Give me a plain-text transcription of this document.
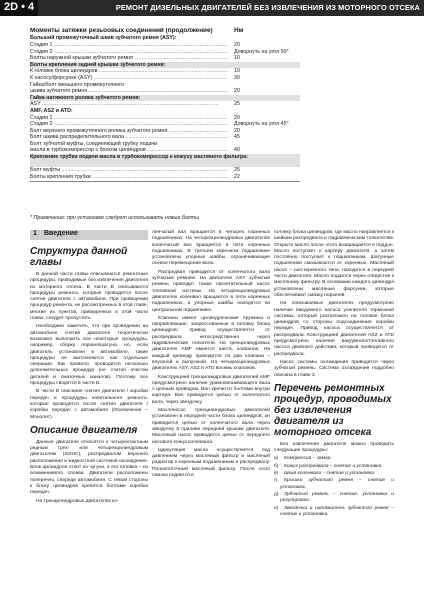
2D • 4	РЕМОНТ ДИЗЕЛЬНЫХ ДВИГАТЕЛЕЙ БЕЗ ИЗВЛЕЧЕНИЯ ИЗ МОТОРНОГО ОТСЕКА
Моменты затяжки резьбовых соединений (продолжение)	Нм
Больший промежуточный шкив зубчатого ремня (ASY):
Стадия 1 .....	20
Стадия 2 .....	Доворнуть на угол 90°
Болты наружной крышки зубчатого ремня .....	10
Болты крепления задней крышки зубчатого ремня:
К головке блока цилиндров .....	10
К насосу/форсунке (ASY) .....	30
Гайка/болт меньшего промежуточного
шкива зубчатого ремня .....	20
Гайка натяжного ролика зубчатого ремня:
ASY .....	25
AMF, ASZ и ATD:
Стадия 1 .....	20
Стадия 2 .....	Доворнуть на угол 45°
Болт верхнего промежуточного ролика зубчатого ремня .....	20
Болт шкива распределительного вала .....	45
Болт зубчатой муфты, соединяющей трубку подачи
масла в турбокомпрессор с блоком цилиндров .....	40
Крепление трубки подачи масла в турбокомпрессор к кожуху масляного фильтра:
Болт муфты .....	25
Болты крепления трубки .....	22
* Примечание: при установке следует использовать новые болты
1 Введение
Структура данной главы

В данной части главы описываются ремонтные процедуры, проводимые без извлечения двигателя из моторного отсека. В части В описываются процедуры ремонта, которые проводятся после снятия двигателя с автомобиля. При проведении процедур ремонта, не рассмотренных в этой главе, многие из пунктов, приведенных в этой части главы, следует пропустить.

Необходимо заметить, что при проведении на автомобиле снятия двигателя теоретически возможно выполнить все некоторые процедуры, например, сборку поршня/шатуна, но, если двигатель установлен в автомобиле, такие процедуры не выполняются как отдельные операции. Как правило, проводится несколько дополнительных процедур (не считая очистки деталей и смазочных каналов). Поэтому все процедуры сводятся в части В.

В части Е описания снятия двигателя / коробки передач и процедуры капитального ремонта, которые проводятся после снятия двигателя / коробки передач с автомобиля (Исключение – Монолит).

Описание двигателя

Данные двигатели относятся к четырехтактным рядным трех- или четырехцилиндровым двигателям (SOHC), распредвалом верхнего расположения и жидкостной системой охлаждения. Блок цилиндров отлит из чугуна, а его головка – из алюминиевого сплава. Двигатели расположены поперечно, спереди автомобиля. С левой стороны к блоку цилиндров крепится болтами коробка передач.

На трехцилиндровых двигателях ко-

ленчатый вал вращается в четырех коренных подшипниках. На четырехцилиндровых двигателях коленчатый вал вращается в пяти коренных подшипниках. В третьем коренном подшипнике установлены упорные шайбы, ограничивающие осевое перемещение вала.

Распредвал приводится от коленчатого вала зубчатым ремнем. На двигателе ASY зубчатый ремень приводит также нагнетательный насос топливной системы. На четырехцилиндровых двигателях коленвал вращается в пяти коренных подшипниках, а упорные шайбы находятся на центральном подшипнике.

Клапаны имеют цилиндрические пружины и направляющие, запрессованные в головку блока цилиндров; привод осуществляется от распредвала непосредственно через гидравлические толкатели. На трехцилиндровых двигателях AMF имеется шесть клапанов. На каждый цилиндр приходится по два клапана – впускной и выпускной. На четырехцилиндровых двигателях ASY, ASZ и ATD восемь клапанов.

Конструкцией трехцилиндровых двигателей AMF предусмотрено наличие уравновешивающего вала с цепным приводом. Вал крепится болтами внутри картера. Вал приводится цепью от коленчатого вала, через звездочку.

Масляносос трехцилиндровых двигателей установлен в передней части блока цилиндров; он приводится цепью от коленчатого вала через звездочку в приливе передней крышки двигателя. Масляный насос приводится цепью от переднего носового конца коленвала.

Циркуляция масла осуществляется под давлением через масляный фильтр и масляный радиатор к коренным подшипникам и распредвалу. Полнопоточный масляный фильтр. После этого смазка подается в

головку блока цилиндров, где масло направляется к шейкам распредвала и гидравлическим толкателям. Открыто масло после этого возвращается в поддон. Масло поступает к картеру двигателя, а затем постоянно поступает к подшипникам. Шатунные подшипники смазываются от коренных. Масляный насос – шестеренного типа, находится в передней части двигателя. Масло подается через отверстия к масляному фильтру. В основании каждого цилиндра установлены масляные форсунки, которые обеспечивают смазку поршней.

На описываемых двигателях предусмотрено наличие вакуумного насоса усилителя тормозной системы, который расположен на головке блока цилиндров со стороны подсоединения коробки передач. Привод насоса осуществляется от распредвала. Конструкцией двигателей ASZ и ATD предусмотрено наличие вакуумного/топливного насоса двойного действия, который приводится от распредвала.

Насос системы охлаждения приводится через зубчатый ремень. Система охлаждения подробно описана в главе 3.

Перечень ремонтных процедур, проводимых без извлечения двигателя из моторного отсека

Без извлечения двигателя можно проводить следующие процедуры:

а) Компрессия – замер.
б) Кожух распредвала – снятие и установка.
в) Шкив коленвала – снятие и установка.
г) Крышки зубчатого ремня – снятие и установка.
д) Зубчатый ремень – снятие, установка и регулировка.
е) Звездочки и натяжитель зубчатого ремня – снятие и установка.
